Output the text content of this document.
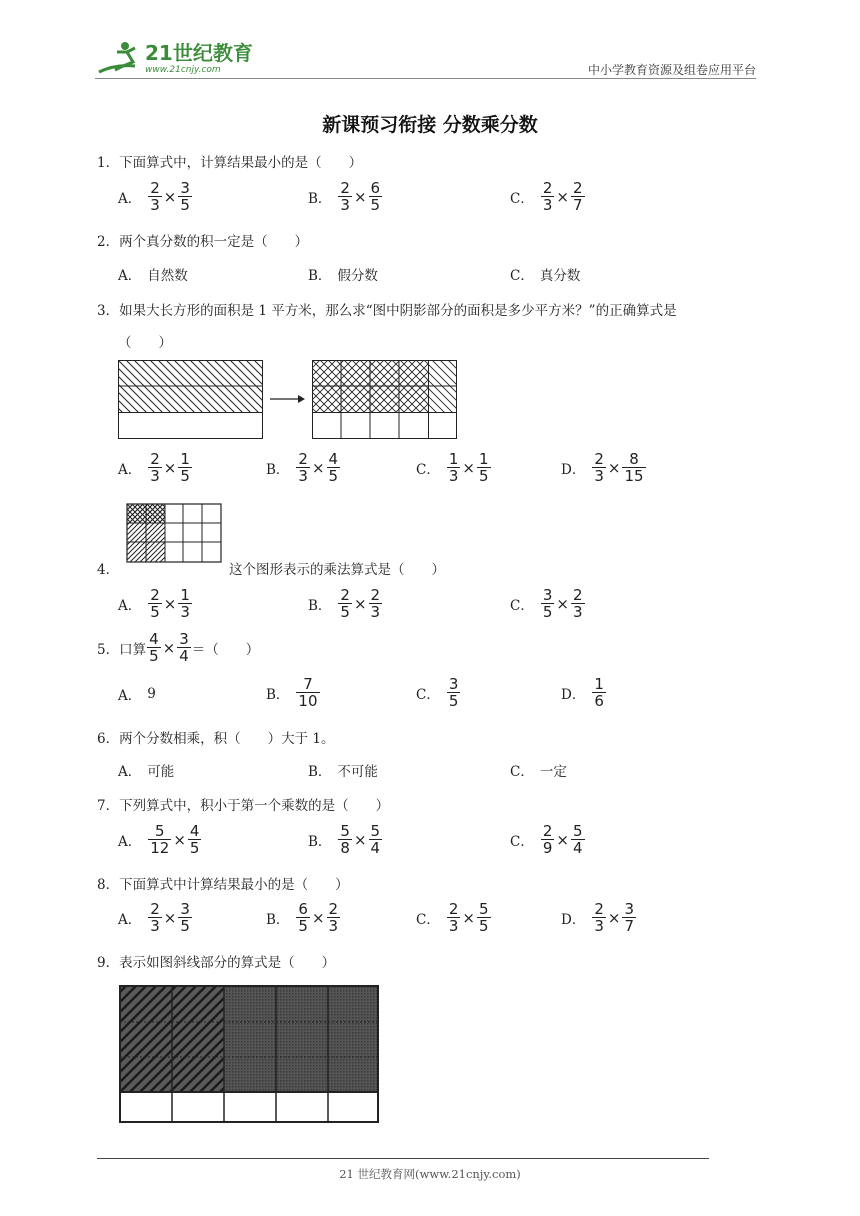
21世纪教育
www.21cnjy.com	中小学教育资源及组卷应用平台
新课预习衔接 分数乘分数
1．下面算式中，计算结果最小的是（　　）
A． $\frac{2}{3} \times \frac{3}{5}$	B． $\frac{2}{3} \times \frac{6}{5}$	C． $\frac{2}{3} \times \frac{2}{7}$
2．两个真分数的积一定是（　　）
A． 自然数	B． 假分数	C． 真分数
3．如果大长方形的面积是 1 平方米，那么求“图中阴影部分的面积是多少平方米？”的正确算式是
（　　）
A． $\frac{2}{3} \times \frac{1}{5}$	B． $\frac{2}{3} \times \frac{4}{5}$	C． $\frac{1}{3} \times \frac{1}{5}$	D． $\frac{2}{3} \times \frac{8}{15}$
4．	这个图形表示的乘法算式是（　　）
A． $\frac{2}{5} \times \frac{1}{3}$	B． $\frac{2}{5} \times \frac{2}{3}$	C． $\frac{3}{5} \times \frac{2}{3}$
5．口算 $\frac{4}{5} \times \frac{3}{4}$ ＝（　　）
A． 9	B． $\frac{7}{10}$	C． $\frac{3}{5}$	D． $\frac{1}{6}$
6．两个分数相乘，积（　　）大于 1。
A． 可能	B． 不可能	C． 一定
7．下列算式中，积小于第一个乘数的是（　　）
A． $\frac{5}{12} \times \frac{4}{5}$	B． $\frac{5}{8} \times \frac{5}{4}$	C． $\frac{2}{9} \times \frac{5}{4}$
8．下面算式中计算结果最小的是（　　）
A． $\frac{2}{3} \times \frac{3}{5}$	B． $\frac{6}{5} \times \frac{2}{3}$	C． $\frac{2}{3} \times \frac{5}{5}$	D． $\frac{2}{3} \times \frac{3}{7}$
9．表示如图斜线部分的算式是（　　）
21 世纪教育网(www.21cnjy.com)
